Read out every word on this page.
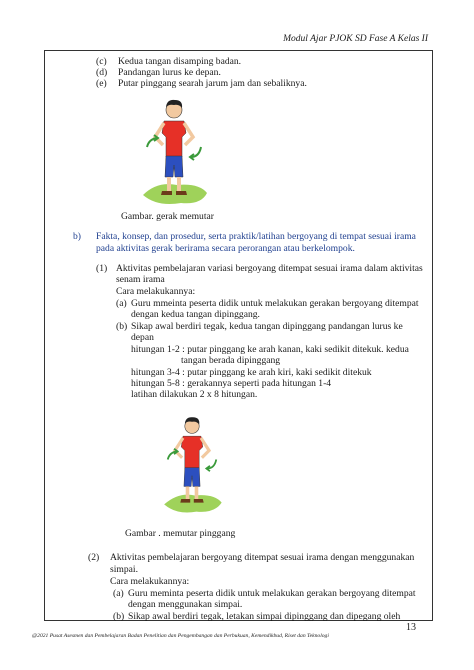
Modul Ajar PJOK SD Fase A Kelas II
(c) Kedua tangan disamping badan.
(d) Pandangan lurus ke depan.
(e) Putar pinggang searah jarum jam dan sebaliknya.
Gambar. gerak memutar
b) Fakta, konsep, dan prosedur, serta praktik/latihan bergoyang di tempat sesuai irama
pada aktivitas gerak berirama secara perorangan atau berkelompok.
(1) Aktivitas pembelajaran variasi bergoyang ditempat sesuai irama dalam aktivitas
senam irama
Cara melakukannya:
(a) Guru mmeinta peserta didik untuk melakukan gerakan bergoyang ditempat
dengan kedua tangan dipinggang.
(b) Sikap awal berdiri tegak, kedua tangan dipinggang pandangan lurus ke
depan
hitungan 1-2 : putar pinggang ke arah kanan, kaki sedikit ditekuk. kedua
tangan berada dipinggang
hitungan 3-4 : putar pinggang ke arah kiri, kaki sedikit ditekuk
hitungan 5-8 : gerakannya seperti pada hitungan 1-4
latihan dilakukan 2 x 8 hitungan.
Gambar . memutar pinggang
(2) Aktivitas pembelajaran bergoyang ditempat sesuai irama dengan menggunakan
simpai.
Cara melakukannya:
(a) Guru meminta peserta didik untuk melakukan gerakan bergoyang ditempat
dengan menggunakan simpai.
(b) Sikap awal berdiri tegak, letakan simpai dipinggang dan dipegang oleh
13
@2021 Pusat Asesmen dan Pembelajaran Badan Penelitian dan Pengembangan dan Perbukuan, Kemendikbud, Riset dan Teknologi
